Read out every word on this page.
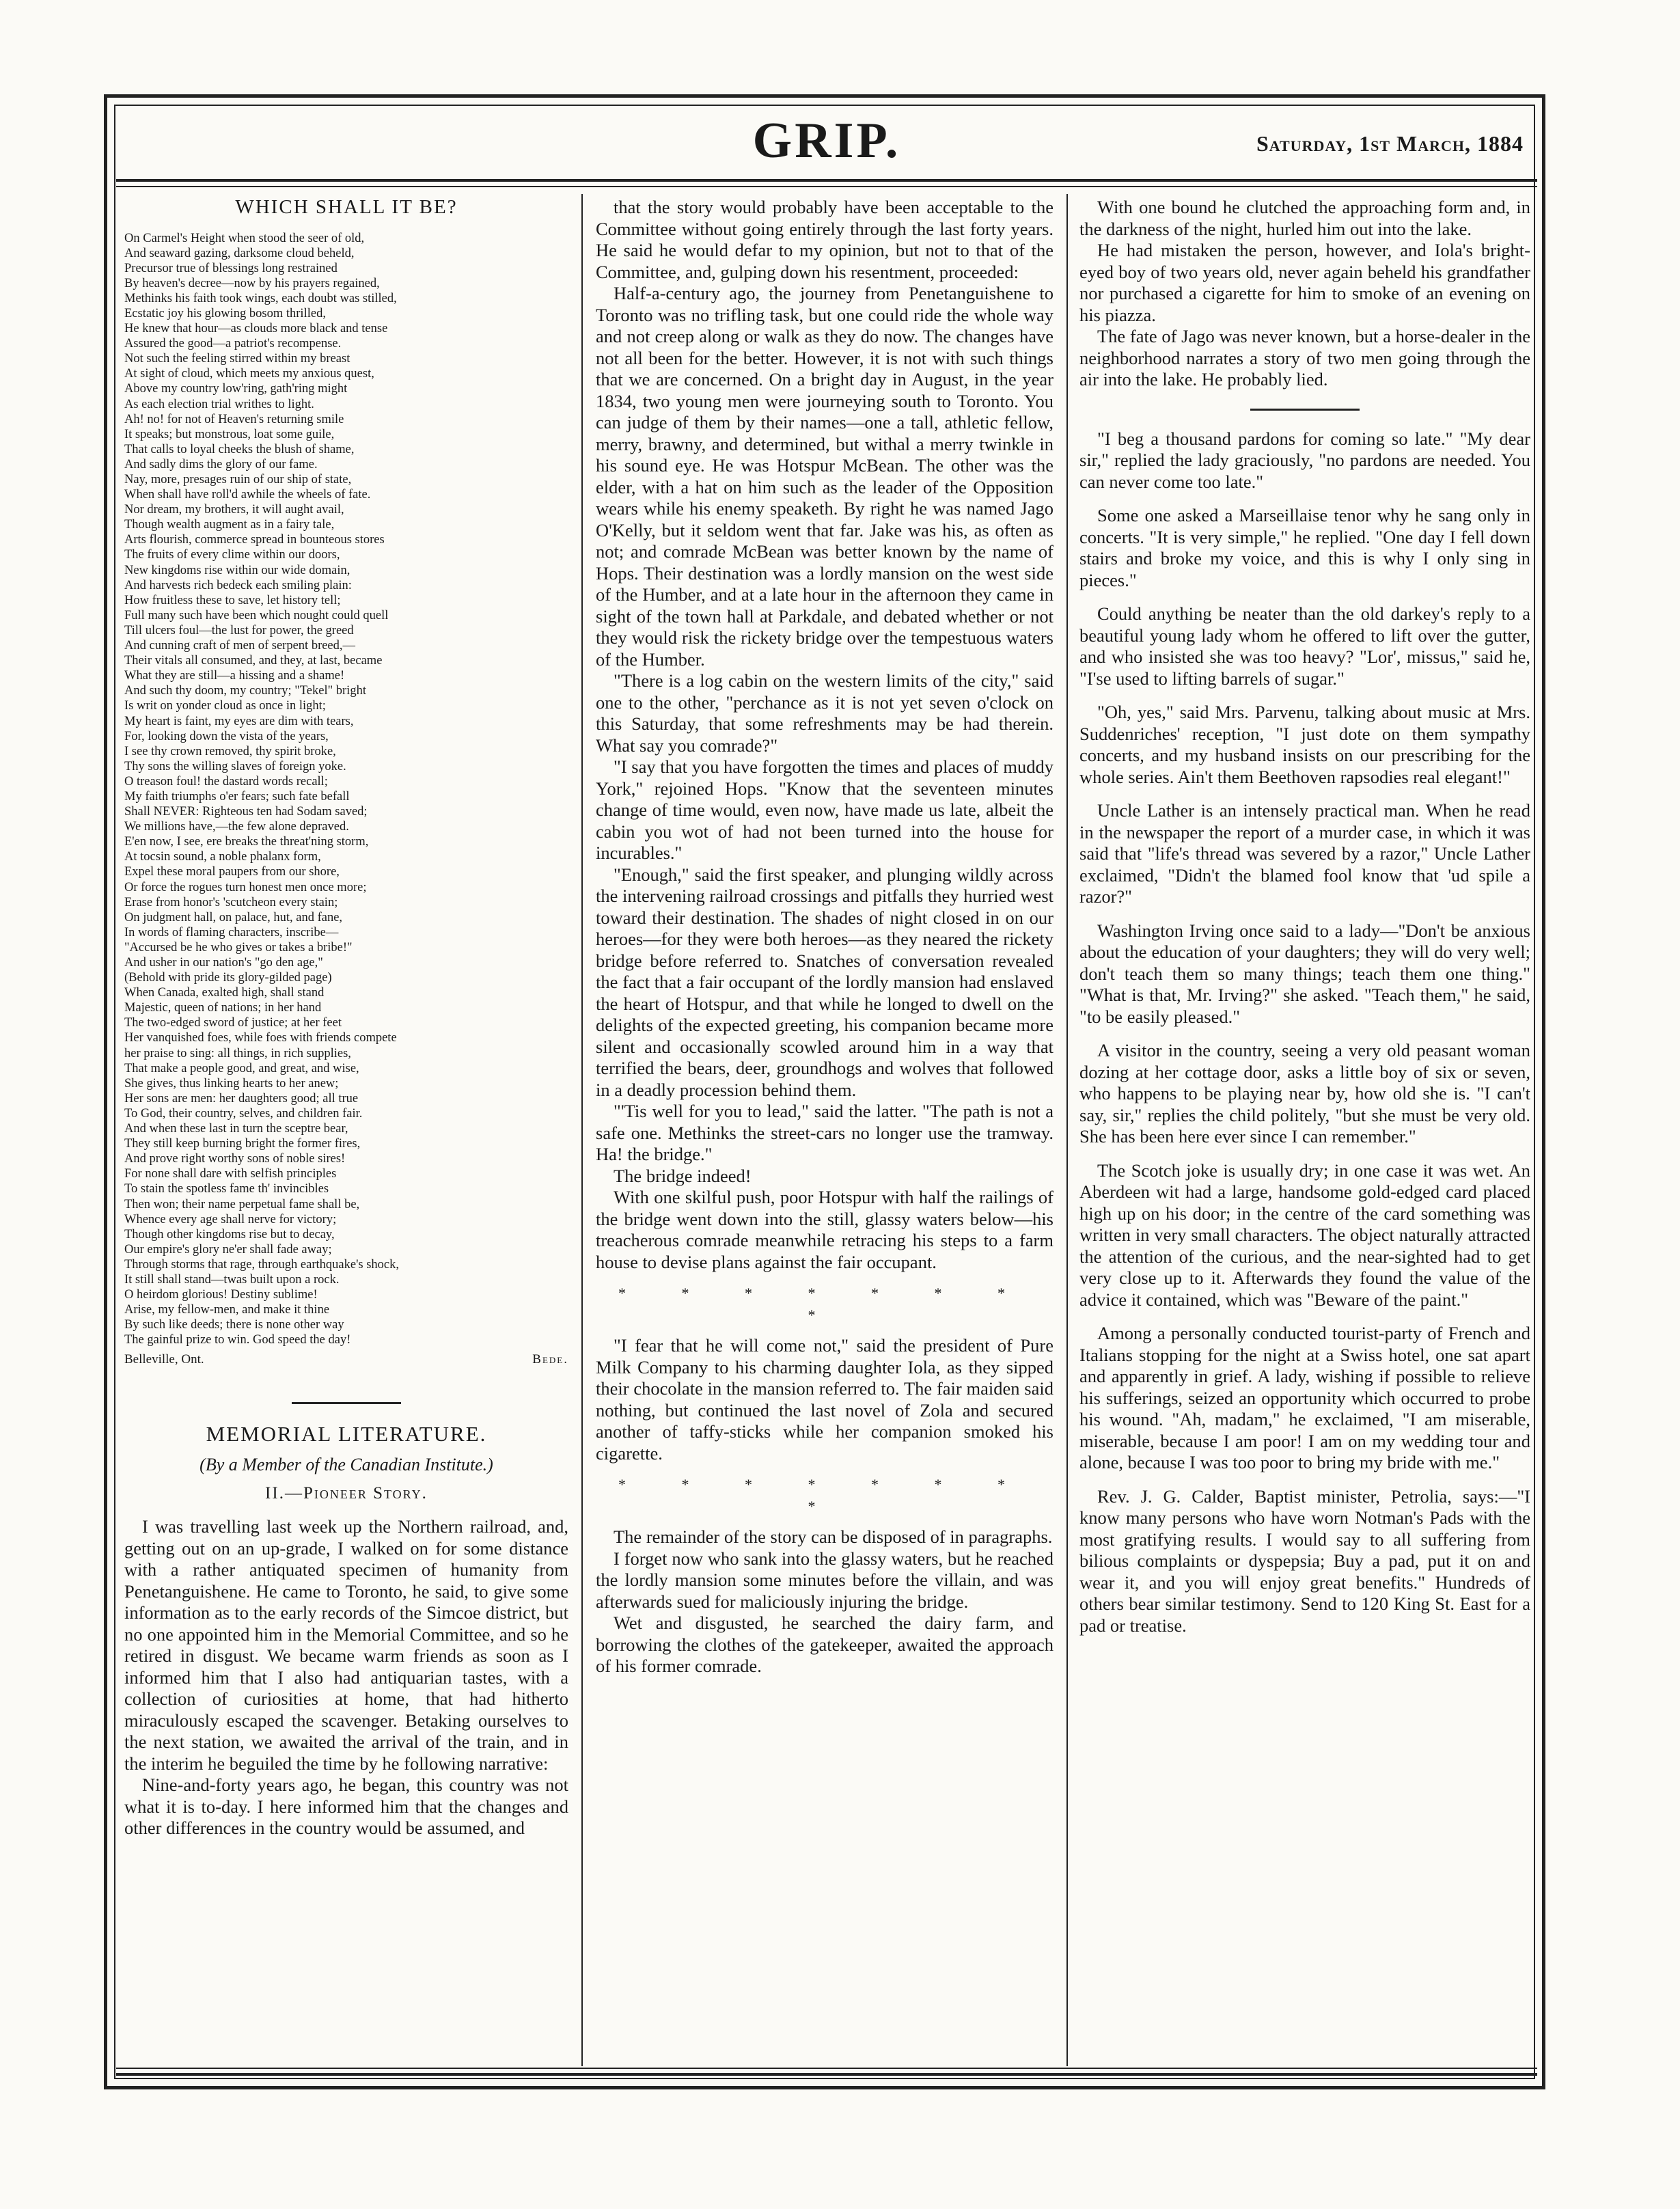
GRIP.	Saturday, 1st March, 1884
WHICH SHALL IT BE?
On Carmel's Height when stood the seer of old,
And seaward gazing, darksome cloud beheld,
Precursor true of blessings long restrained
By heaven's decree—now by his prayers regained,
Methinks his faith took wings, each doubt was stilled,
Ecstatic joy his glowing bosom thrilled,
He knew that hour—as clouds more black and tense
Assured the good—a patriot's recompense.
Not such the feeling stirred within my breast
At sight of cloud, which meets my anxious quest,
Above my country low'ring, gath'ring might
As each election trial writhes to light.
Ah! no! for not of Heaven's returning smile
It speaks; but monstrous, loat some guile,
That calls to loyal cheeks the blush of shame,
And sadly dims the glory of our fame.
Nay, more, presages ruin of our ship of state,
When shall have roll'd awhile the wheels of fate.
Nor dream, my brothers, it will aught avail,
Though wealth augment as in a fairy tale,
Arts flourish, commerce spread in bounteous stores
The fruits of every clime within our doors,
New kingdoms rise within our wide domain,
And harvests rich bedeck each smiling plain:
How fruitless these to save, let history tell;
Full many such have been which nought could quell
Till ulcers foul—the lust for power, the greed
And cunning craft of men of serpent breed,—
Their vitals all consumed, and they, at last, became
What they are still—a hissing and a shame!
And such thy doom, my country; "Tekel" bright
Is writ on yonder cloud as once in light;
My heart is faint, my eyes are dim with tears,
For, looking down the vista of the years,
I see thy crown removed, thy spirit broke,
Thy sons the willing slaves of foreign yoke.
O treason foul! the dastard words recall;
My faith triumphs o'er fears; such fate befall
Shall NEVER: Righteous ten had Sodam saved;
We millions have,—the few alone depraved.
E'en now, I see, ere breaks the threat'ning storm,
At tocsin sound, a noble phalanx form,
Expel these moral paupers from our shore,
Or force the rogues turn honest men once more;
Erase from honor's 'scutcheon every stain;
On judgment hall, on palace, hut, and fane,
In words of flaming characters, inscribe—
"Accursed be he who gives or takes a bribe!"
And usher in our nation's "go den age,"
(Behold with pride its glory-gilded page)
When Canada, exalted high, shall stand
Majestic, queen of nations; in her hand
The two-edged sword of justice; at her feet
Her vanquished foes, while foes with friends compete
her praise to sing: all things, in rich supplies,
That make a people good, and great, and wise,
She gives, thus linking hearts to her anew;
Her sons are men: her daughters good; all true
To God, their country, selves, and children fair.
And when these last in turn the sceptre bear,
They still keep burning bright the former fires,
And prove right worthy sons of noble sires!
For none shall dare with selfish principles
To stain the spotless fame th' invincibles
Then won; their name perpetual fame shall be,
Whence every age shall nerve for victory;
Though other kingdoms rise but to decay,
Our empire's glory ne'er shall fade away;
Through storms that rage, through earthquake's shock,
It still shall stand—twas built upon a rock.
O heirdom glorious! Destiny sublime!
Arise, my fellow-men, and make it thine
By such like deeds; there is none other way
The gainful prize to win. God speed the day!
Belleville, Ont.	Bede.
MEMORIAL LITERATURE.
(By a Member of the Canadian Institute.)
II.—Pioneer Story.

I was travelling last week up the Northern railroad, and, getting out on an up-grade, I walked on for some distance with a rather antiquated specimen of humanity from Penetanguishene. He came to Toronto, he said, to give some information as to the early records of the Simcoe district, but no one appointed him in the Memorial Committee, and so he retired in disgust. We became warm friends as soon as I informed him that I also had antiquarian tastes, with a collection of curiosities at home, that had hitherto miraculously escaped the scavenger. Betaking ourselves to the next station, we awaited the arrival of the train, and in the interim he beguiled the time by he following narrative:

Nine-and-forty years ago, he began, this country was not what it is to-day. I here informed him that the changes and other differences in the country would be assumed, and

that the story would probably have been acceptable to the Committee without going entirely through the last forty years. He said he would defar to my opinion, but not to that of the Committee, and, gulping down his resentment, proceeded:

Half-a-century ago, the journey from Penetanguishene to Toronto was no trifling task, but one could ride the whole way and not creep along or walk as they do now. The changes have not all been for the better. However, it is not with such things that we are concerned. On a bright day in August, in the year 1834, two young men were journeying south to Toronto. You can judge of them by their names—one a tall, athletic fellow, merry, brawny, and determined, but withal a merry twinkle in his sound eye. He was Hotspur McBean. The other was the elder, with a hat on him such as the leader of the Opposition wears while his enemy speaketh. By right he was named Jago O'Kelly, but it seldom went that far. Jake was his, as often as not; and comrade McBean was better known by the name of Hops. Their destination was a lordly mansion on the west side of the Humber, and at a late hour in the afternoon they came in sight of the town hall at Parkdale, and debated whether or not they would risk the rickety bridge over the tempestuous waters of the Humber.

"There is a log cabin on the western limits of the city," said one to the other, "perchance as it is not yet seven o'clock on this Saturday, that some refreshments may be had therein. What say you comrade?"

"I say that you have forgotten the times and places of muddy York," rejoined Hops. "Know that the seventeen minutes change of time would, even now, have made us late, albeit the cabin you wot of had not been turned into the house for incurables."

"Enough," said the first speaker, and plunging wildly across the intervening railroad crossings and pitfalls they hurried west toward their destination. The shades of night closed in on our heroes—for they were both heroes—as they neared the rickety bridge before referred to. Snatches of conversation revealed the fact that a fair occupant of the lordly mansion had enslaved the heart of Hotspur, and that while he longed to dwell on the delights of the expected greeting, his companion became more silent and occasionally scowled around him in a way that terrified the bears, deer, groundhogs and wolves that followed in a deadly procession behind them.

"'Tis well for you to lead," said the latter. "The path is not a safe one. Methinks the street-cars no longer use the tramway. Ha! the bridge."

The bridge indeed!

With one skilful push, poor Hotspur with half the railings of the bridge went down into the still, glassy waters below—his treacherous comrade meanwhile retracing his steps to a farm house to devise plans against the fair occupant.

* * * * * * * *

"I fear that he will come not," said the president of Pure Milk Company to his charming daughter Iola, as they sipped their chocolate in the mansion referred to. The fair maiden said nothing, but continued the last novel of Zola and secured another of taffy-sticks while her companion smoked his cigarette.

* * * * * * * *

The remainder of the story can be disposed of in paragraphs.

I forget now who sank into the glassy waters, but he reached the lordly mansion some minutes before the villain, and was afterwards sued for maliciously injuring the bridge.

Wet and disgusted, he searched the dairy farm, and borrowing the clothes of the gatekeeper, awaited the approach of his former comrade.

With one bound he clutched the approaching form and, in the darkness of the night, hurled him out into the lake.

He had mistaken the person, however, and Iola's bright-eyed boy of two years old, never again beheld his grandfather nor purchased a cigarette for him to smoke of an evening on his piazza.

The fate of Jago was never known, but a horse-dealer in the neighborhood narrates a story of two men going through the air into the lake. He probably lied.

"I beg a thousand pardons for coming so late." "My dear sir," replied the lady graciously, "no pardons are needed. You can never come too late."

Some one asked a Marseillaise tenor why he sang only in concerts. "It is very simple," he replied. "One day I fell down stairs and broke my voice, and this is why I only sing in pieces."

Could anything be neater than the old darkey's reply to a beautiful young lady whom he offered to lift over the gutter, and who insisted she was too heavy? "Lor', missus," said he, "I'se used to lifting barrels of sugar."

"Oh, yes," said Mrs. Parvenu, talking about music at Mrs. Suddenriches' reception, "I just dote on them sympathy concerts, and my husband insists on our prescribing for the whole series. Ain't them Beethoven rapsodies real elegant!"

Uncle Lather is an intensely practical man. When he read in the newspaper the report of a murder case, in which it was said that "life's thread was severed by a razor," Uncle Lather exclaimed, "Didn't the blamed fool know that 'ud spile a razor?"

Washington Irving once said to a lady—"Don't be anxious about the education of your daughters; they will do very well; don't teach them so many things; teach them one thing." "What is that, Mr. Irving?" she asked. "Teach them," he said, "to be easily pleased."

A visitor in the country, seeing a very old peasant woman dozing at her cottage door, asks a little boy of six or seven, who happens to be playing near by, how old she is. "I can't say, sir," replies the child politely, "but she must be very old. She has been here ever since I can remember."

The Scotch joke is usually dry; in one case it was wet. An Aberdeen wit had a large, handsome gold-edged card placed high up on his door; in the centre of the card something was written in very small characters. The object naturally attracted the attention of the curious, and the near-sighted had to get very close up to it. Afterwards they found the value of the advice it contained, which was "Beware of the paint."

Among a personally conducted tourist-party of French and Italians stopping for the night at a Swiss hotel, one sat apart and apparently in grief. A lady, wishing if possible to relieve his sufferings, seized an opportunity which occurred to probe his wound. "Ah, madam," he exclaimed, "I am miserable, miserable, because I am poor! I am on my wedding tour and alone, because I was too poor to bring my bride with me."

Rev. J. G. Calder, Baptist minister, Petrolia, says:—"I know many persons who have worn Notman's Pads with the most gratifying results. I would say to all suffering from bilious complaints or dyspepsia; Buy a pad, put it on and wear it, and you will enjoy great benefits." Hundreds of others bear similar testimony. Send to 120 King St. East for a pad or treatise.
